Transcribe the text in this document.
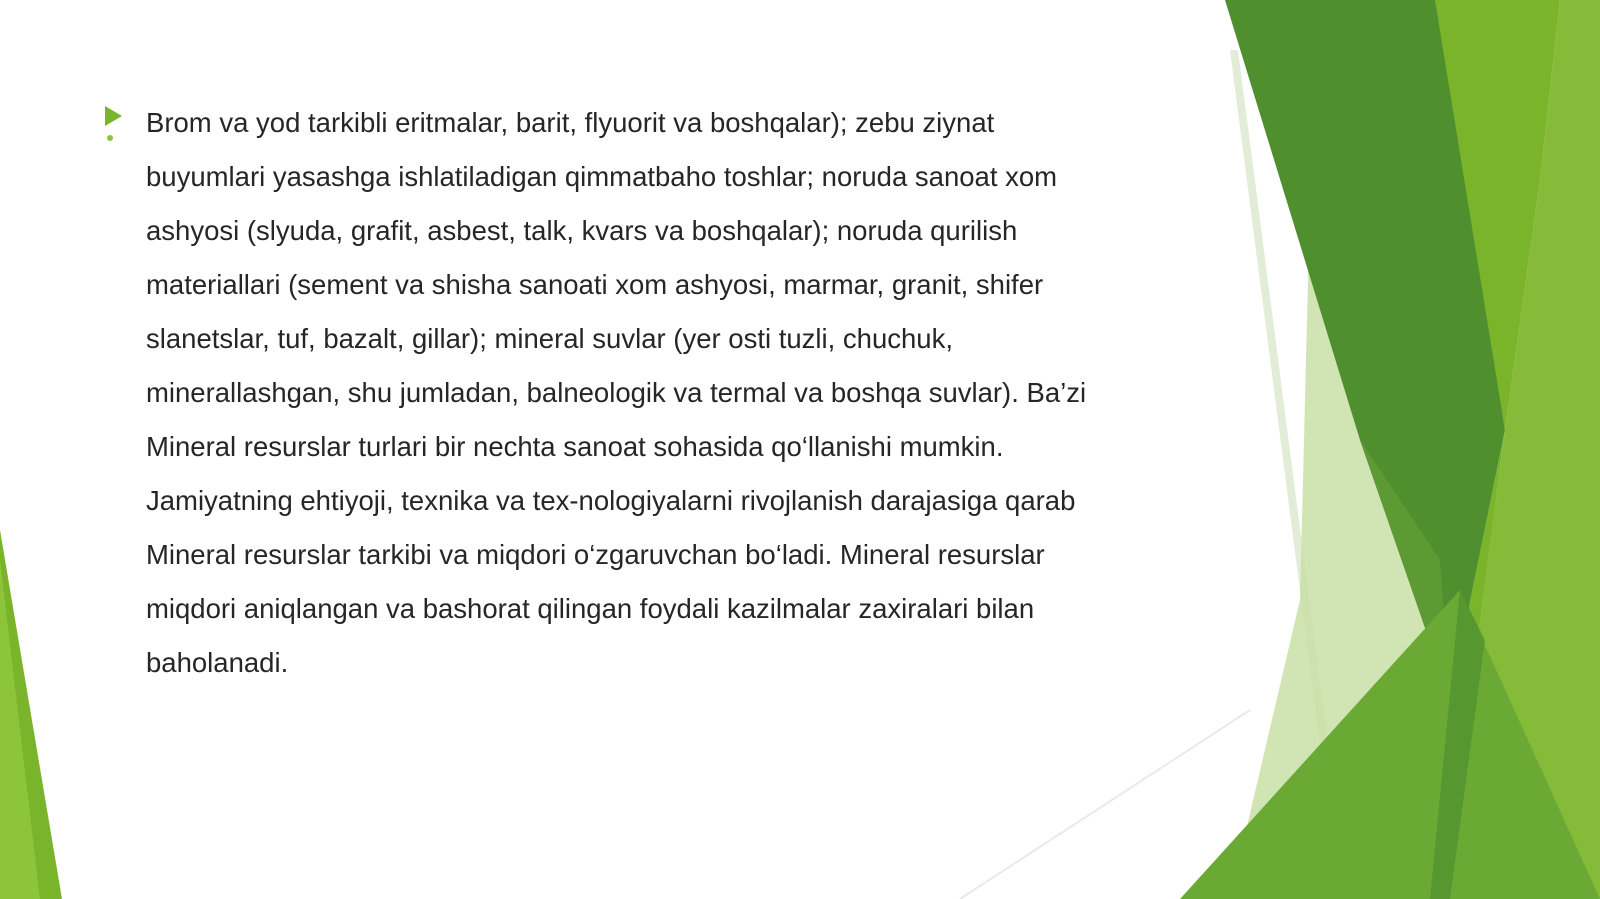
Brom va yod tarkibli eritmalar, barit, flyuorit va boshqalar); zebu ziynat
buyumlari yasashga ishlatiladigan qimmatbaho toshlar; noruda sanoat xom
ashyosi (slyuda, grafit, asbest, talk, kvars va boshqalar); noruda qurilish
materiallari (sement va shisha sanoati xom ashyosi, marmar, granit, shifer
slanetslar, tuf, bazalt, gillar); mineral suvlar (yer osti tuzli, chuchuk,
minerallashgan, shu jumladan, balneologik va termal va boshqa suvlar). Ba’zi
Mineral resurslar turlari bir nechta sanoat sohasida qo‘llanishi mumkin.
Jamiyatning ehtiyoji, texnika va tex-nologiyalarni rivojlanish darajasiga qarab
Mineral resurslar tarkibi va miqdori o‘zgaruvchan bo‘ladi. Mineral resurslar
miqdori aniqlangan va bashorat qilingan foydali kazilmalar zaxiralari bilan
baholanadi.
